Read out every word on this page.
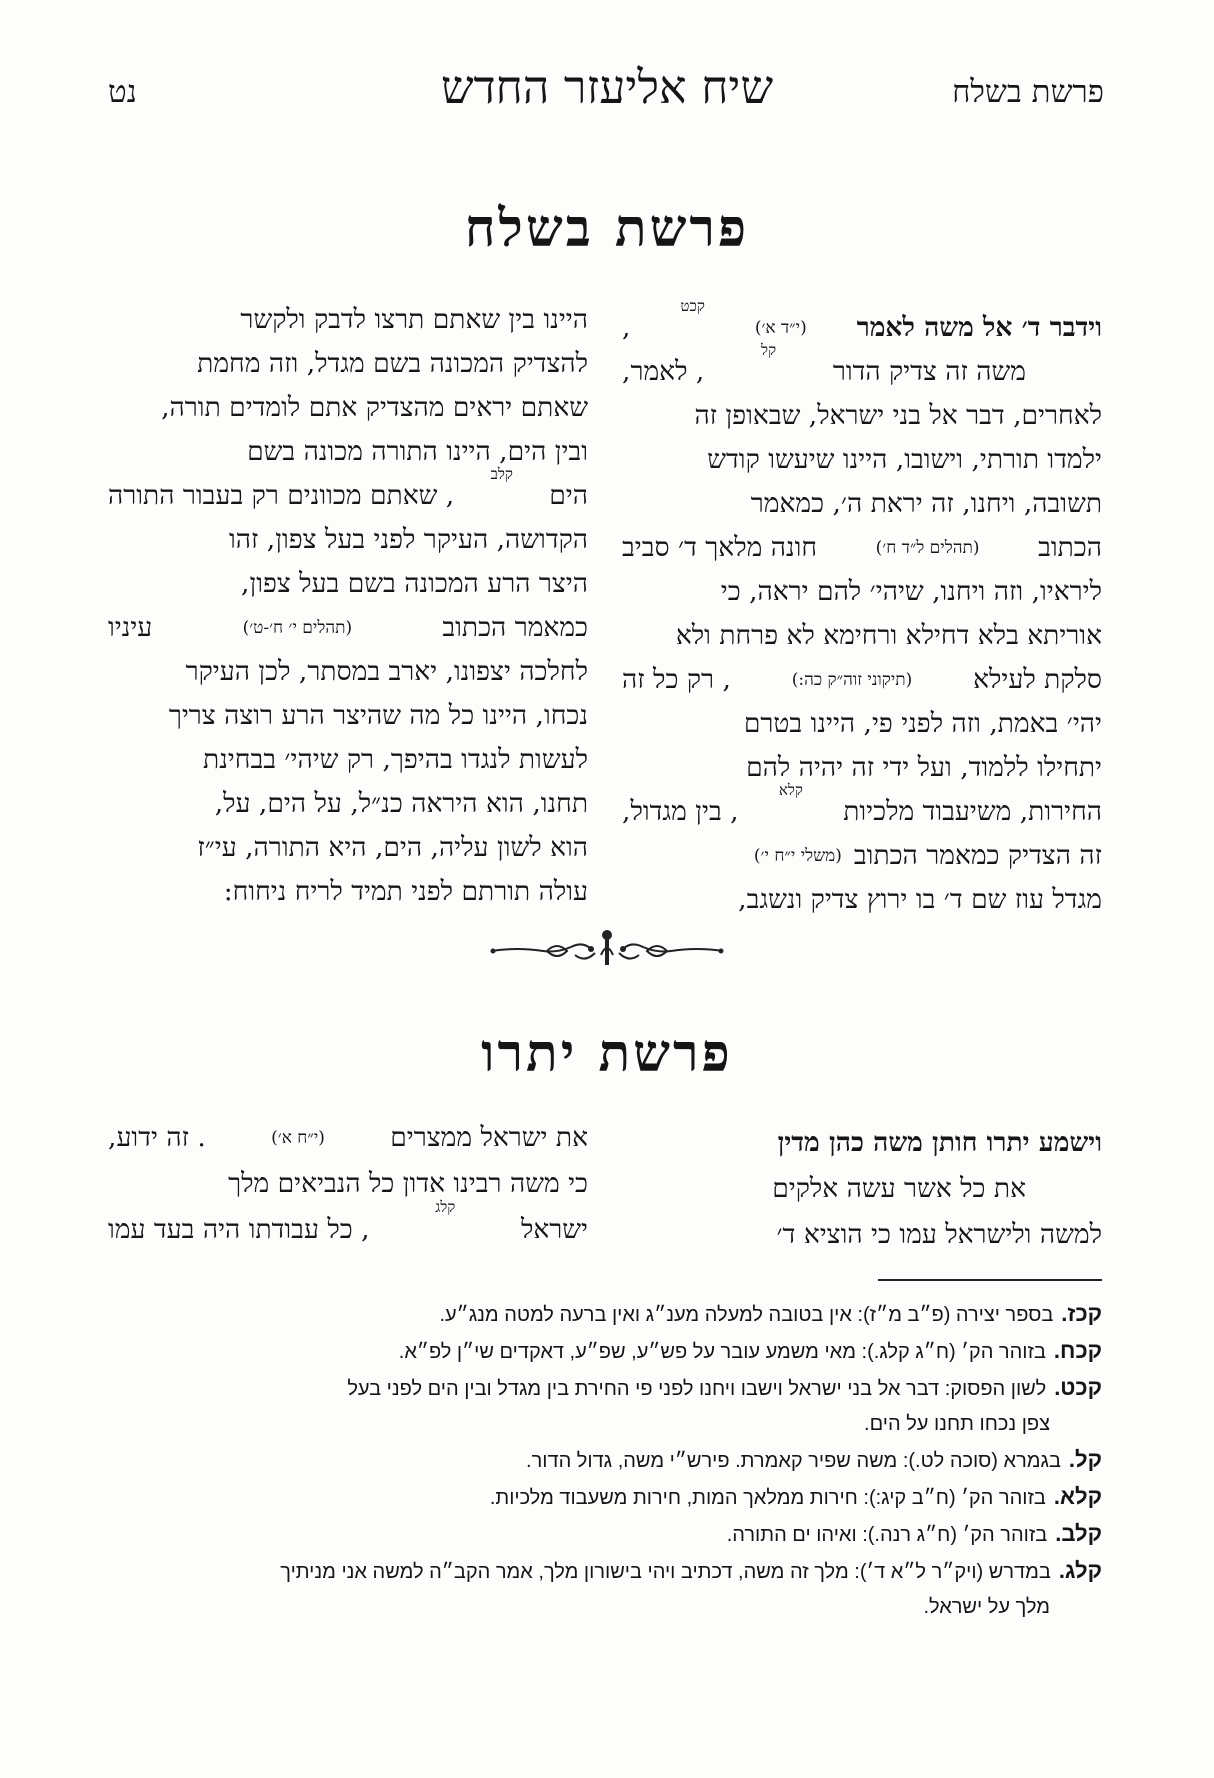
פרשת בשלח
שיח אליעזר החדש
נט
פרשת בשלח
וידבר ד׳ אל משה לאמר
(י״ד א׳)
קכט
,
משה זה צדיק הדור
קל
, לאמר,
לאחרים, דבר אל בני ישראל, שבאופן זה
ילמדו תורתי, וישובו, היינו שיעשו קודש
תשובה, ויחנו, זה יראת ה׳, כמאמר
הכתוב
(תהלים ל״ד ח׳)
חונה מלאך ד׳ סביב
ליראיו, וזה ויחנו, שיהי׳ להם יראה, כי
אוריתא בלא דחילא ורחימא לא פרחת ולא
סלקת לעילא
(תיקוני זוה״ק כה:)
, רק כל זה
יהי׳ באמת, וזה לפני פי, היינו בטרם
יתחילו ללמוד, ועל ידי זה יהיה להם
החירות, משיעבוד מלכיות
קלא
, בין מגדול,
זה הצדיק כמאמר הכתוב
(משלי י״ח י׳)
מגדל עוז שם ד׳ בו ירוץ צדיק ונשגב,
היינו בין שאתם תרצו לדבק ולקשר
להצדיק המכונה בשם מגדל, וזה מחמת
שאתם יראים מהצדיק אתם לומדים תורה,
ובין הים, היינו התורה מכונה בשם
הים
קלב
, שאתם מכוונים רק בעבור התורה
הקדושה, העיקר לפני בעל צפון, זהו
היצר הרע המכונה בשם בעל צפון,
כמאמר הכתוב
(תהלים י׳ ח׳-ט׳)
עיניו
לחלכה יצפונו, יארב במסתר, לכן העיקר
נכחו, היינו כל מה שהיצר הרע רוצה צריך
לעשות לנגדו בהיפך, רק שיהי׳ בבחינת
תחנו, הוא היראה כנ״ל, על הים, על,
הוא לשון עליה, הים, היא התורה, עי״ז
עולה תורתם לפני תמיד לריח ניחוח:
פרשת יתרו
וישמע יתרו חותן משה כהן מדין
את כל אשר עשה אלקים
למשה ולישראל עמו כי הוציא ד׳
את ישראל ממצרים
(י״ח א׳)
. זה ידוע,
כי משה רבינו אדון כל הנביאים מלך
ישראל
קלג
, כל עבודתו היה בעד עמו
קכז.בספר יצירה (פ״ב מ״ז): אין בטובה למעלה מענ״ג ואין ברעה למטה מנג״ע.
קכח.בזוהר הק׳ (ח״ג קלג.): מאי משמע עובר על פש״ע, שפ״ע, דאקדים שי״ן לפ״א.
קכט.לשון הפסוק: דבר אל בני ישראל וישבו ויחנו לפני פי החירת בין מגדל ובין הים לפני בעל
צפן נכחו תחנו על הים.
קל.בגמרא (סוכה לט.): משה שפיר קאמרת. פירש״י משה, גדול הדור.
קלא.בזוהר הק׳ (ח״ב קיג:): חירות ממלאך המות, חירות משעבוד מלכיות.
קלב.בזוהר הק׳ (ח״ג רנה.): ואיהו ים התורה.
קלג.במדרש (ויק״ר ל״א ד׳): מלך זה משה, דכתיב ויהי בישורון מלך, אמר הקב״ה למשה אני מניתיך
מלך על ישראל.
